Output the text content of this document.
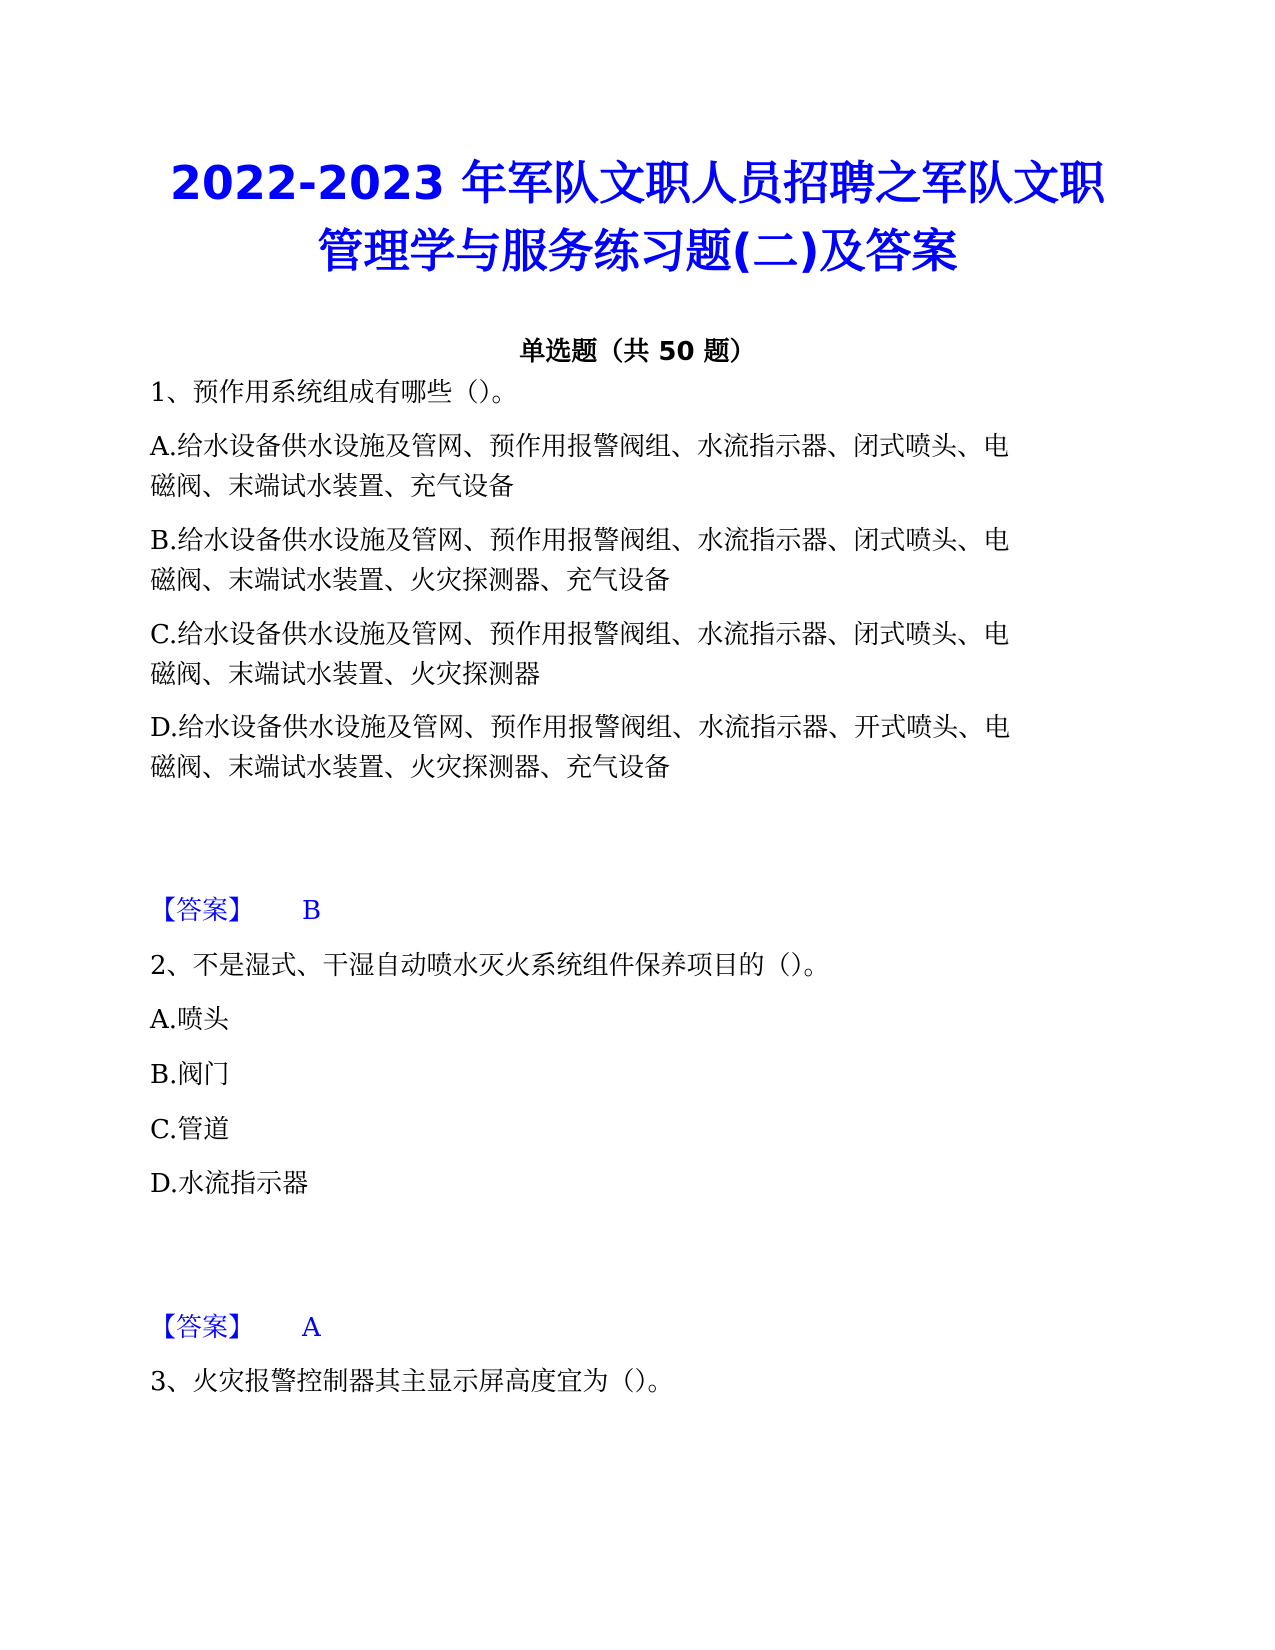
2022-2023 年军队文职人员招聘之军队文职
管理学与服务练习题(二)及答案
单选题（共 50 题）
1、预作用系统组成有哪些（）。
A.给水设备供水设施及管网、预作用报警阀组、水流指示器、闭式喷头、电
磁阀、末端试水装置、充气设备
B.给水设备供水设施及管网、预作用报警阀组、水流指示器、闭式喷头、电
磁阀、末端试水装置、火灾探测器、充气设备
C.给水设备供水设施及管网、预作用报警阀组、水流指示器、闭式喷头、电
磁阀、末端试水装置、火灾探测器
D.给水设备供水设施及管网、预作用报警阀组、水流指示器、开式喷头、电
磁阀、末端试水装置、火灾探测器、充气设备
【答案】 B
2、不是湿式、干湿自动喷水灭火系统组件保养项目的（）。
A.喷头
B.阀门
C.管道
D.水流指示器
【答案】 A
3、火灾报警控制器其主显示屏高度宜为（）。
